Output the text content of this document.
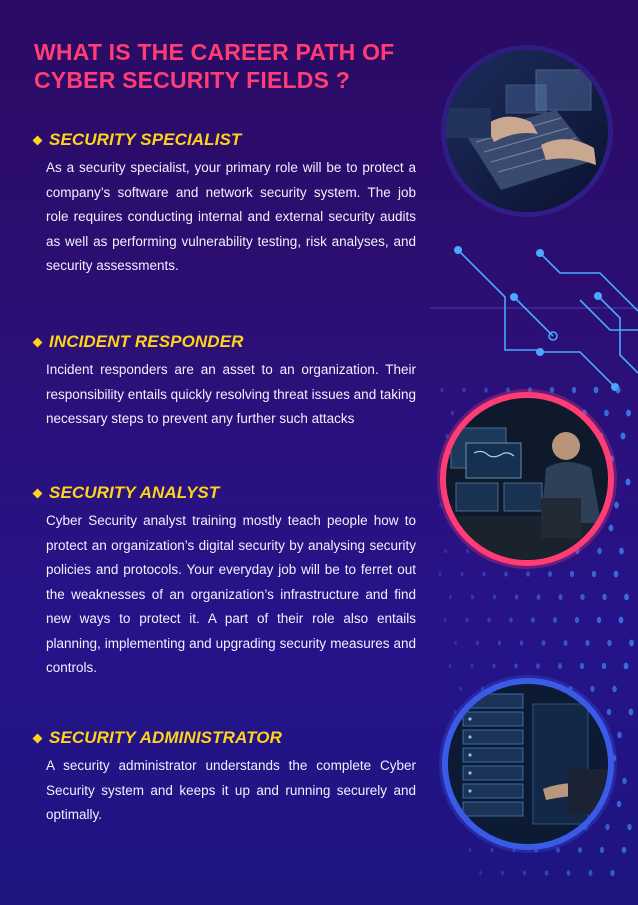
WHAT IS THE CAREER PATH OF CYBER SECURITY FIELDS ?
SECURITY SPECIALIST

As a security specialist, your primary role will be to protect a company’s software and network security system. The job role requires conducting internal and external security audits as well as performing vulnerability testing, risk analyses, and security assessments.

INCIDENT RESPONDER

Incident responders are an asset to an organization. Their responsibility entails quickly resolving threat issues and taking necessary steps to prevent any further such attacks

SECURITY ANALYST

Cyber Security analyst training mostly teach people how to protect an organization’s digital security by analysing security policies and protocols. Your everyday job will be to ferret out the weaknesses of an organization’s infrastructure and find new ways to protect it. A part of their role also entails planning, implementing and upgrading security measures and controls.

SECURITY ADMINISTRATOR

A security administrator understands the complete Cyber Security system and keeps it up and running securely and optimally.
